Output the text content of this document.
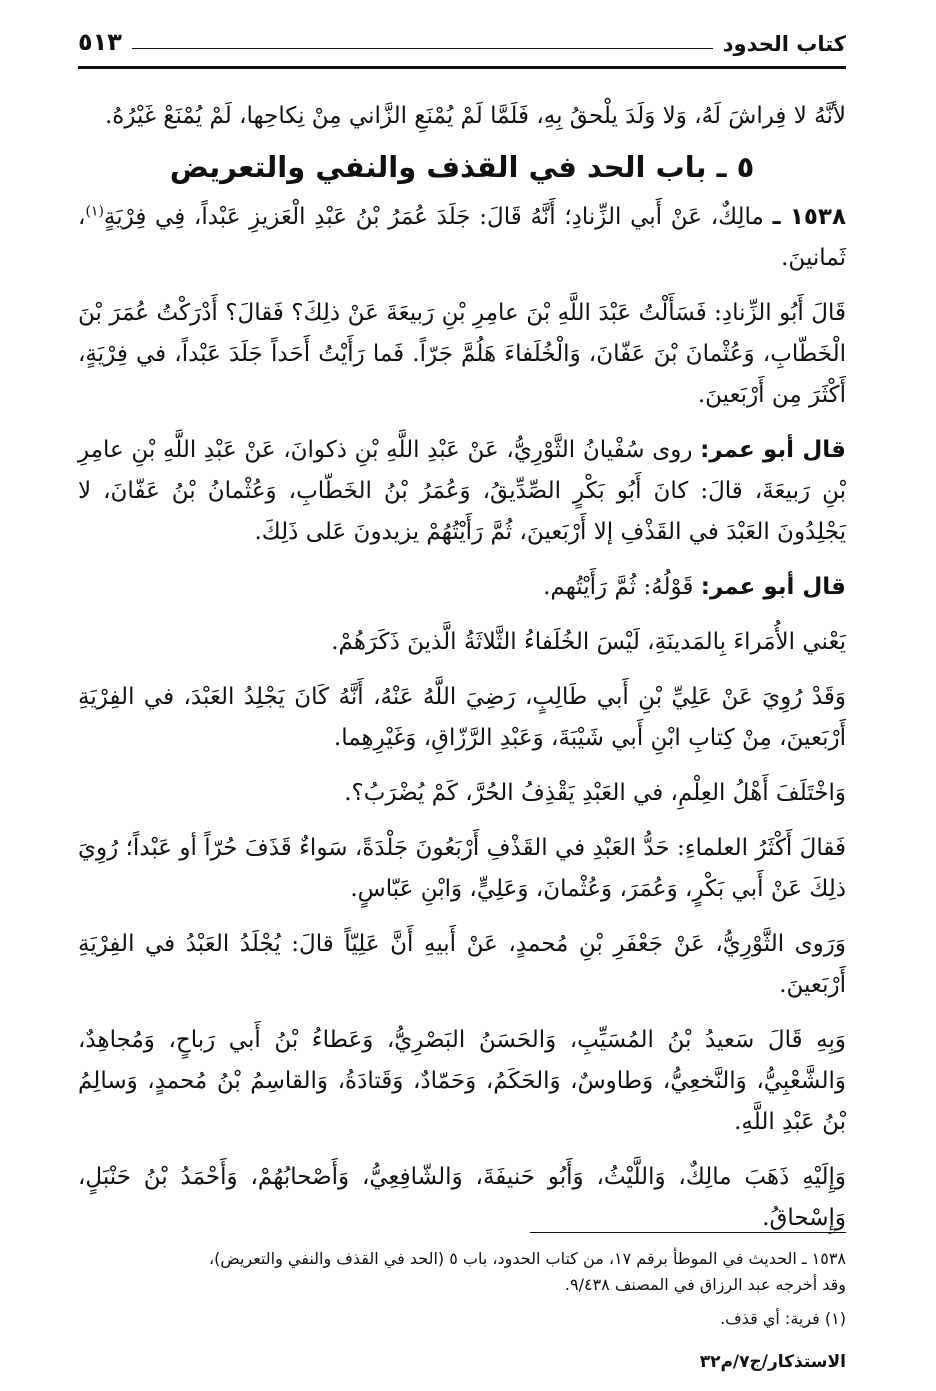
كتاب الحدود
٥١٣

لأنَّهُ لا فِراشَ لَهُ، وَلا وَلَدَ يلْحقُ بِهِ، فَلَمَّا لَمْ يُمْنَعِ الزَّاني مِنْ نِكاحِها، لَمْ يُمْنَعْ غَيْرُهُ.

٥ ـ باب الحد في القذف والنفي والتعريض

١٥٣٨ ـ مالِكٌ، عَنْ أَبي الزِّنادِ؛ أَنَّهُ قَالَ: جَلَدَ عُمَرُ بْنُ عَبْدِ الْعَزيزِ عَبْداً، فِي فِرْيَةٍ$^{(١)}$، ثَمانينَ.

قَالَ أَبُو الزِّنادِ: فَسَأَلْتُ عَبْدَ اللَّهِ بْنَ عامِرِ بْنِ رَبيعَةَ عَنْ ذلِكَ؟ فَقالَ؟ أَدْرَكْتُ عُمَرَ بْنَ الْخَطّابِ، وَعُثْمانَ بْنَ عَفّانَ، وَالْخُلَفاءَ هَلُمَّ جَرّاً. فَما رَأَيْتُ أَحَداً جَلَدَ عَبْداً، في فِرْيَةٍ، أَكْثَرَ مِن أَرْبَعينَ.

قال أبو عمر: روى سُفْيانُ الثَّوْرِيُّ، عَنْ عَبْدِ اللَّهِ بْنِ ذكوانَ، عَنْ عَبْدِ اللَّهِ بْنِ عامِرِ بْنِ رَبيعَةَ، قالَ: كانَ أَبُو بَكْرٍ الصِّدِّيقُ، وَعُمَرُ بْنُ الخَطّابِ، وَعُثْمانُ بْنُ عَفّانَ، لا يَجْلِدُونَ العَبْدَ في القَذْفِ إلا أَرْبَعينَ، ثُمَّ رَأَيْتُهُمْ يزيدونَ عَلى ذَلِكَ.

قال أبو عمر: قَوْلُهُ: ثُمَّ رَأَيْتُهم.

يَعْني الأُمَراءَ بِالمَدينَةِ، لَيْسَ الخُلَفاءُ الثَّلاثَةُ الَّذينَ ذَكَرَهُمْ.

وَقَدْ رُوِيَ عَنْ عَلِيِّ بْنِ أَبي طَالِبٍ، رَضِيَ اللَّهُ عَنْهُ، أَنَّهُ كَانَ يَجْلِدُ العَبْدَ، في الفِرْيَةِ أَرْبَعينَ، مِنْ كِتابِ ابْنِ أَبي شَيْبَةَ، وَعَبْدِ الرَّزّاقِ، وَغَيْرِهِما.

وَاخْتَلَفَ أَهْلُ العِلْمِ، في العَبْدِ يَقْذِفُ الحُرَّ، كَمْ يُضْرَبُ؟.

فَقالَ أَكْثَرُ العلماءِ: حَدُّ العَبْدِ في القَذْفِ أَرْبَعُونَ جَلْدَةً، سَواءٌ قَذَفَ حُرّاً أو عَبْداً؛ رُوِيَ ذلِكَ عَنْ أَبي بَكْرٍ، وَعُمَرَ، وَعُثْمانَ، وَعَلِيٍّ، وَابْنِ عَبّاسٍ.

وَرَوى الثَّوْرِيُّ، عَنْ جَعْفَرِ بْنِ مُحمدٍ، عَنْ أَبيهِ أَنَّ عَلِيّاً قالَ: يُجْلَدُ العَبْدُ في الفِرْيَةِ أَرْبَعينَ.

وَبِهِ قَالَ سَعيدُ بْنُ المُسَيِّبِ، وَالحَسَنُ البَصْرِيُّ، وَعَطاءُ بْنُ أَبي رَباحٍ، وَمُجاهِدٌ، وَالشَّعْبِيُّ، وَالنَّخعِيُّ، وَطاوسٌ، وَالحَكَمُ، وَحَمّادٌ، وَقَتادَةُ، وَالقاسِمُ بْنُ مُحمدٍ، وَسالِمُ بْنُ عَبْدِ اللَّهِ.

وَإِلَيْهِ ذَهَبَ مالِكٌ، وَاللَّيْثُ، وَأَبُو حَنيفَةَ، وَالشّافِعِيُّ، وَأَصْحابُهُمْ، وَأَحْمَدُ بْنُ حَنْبَلٍ، وَإِسْحاقُ.

١٥٣٨ ـ الحديث في الموطأ برقم ١٧، من كتاب الحدود، باب ٥ (الحد في القذف والنفي والتعريض)،

وقد أخرجه عبد الرزاق في المصنف ٩/٤٣٨.

(١) فرية: أي قذف.

الاستذكار/ج٧/م٣٢
